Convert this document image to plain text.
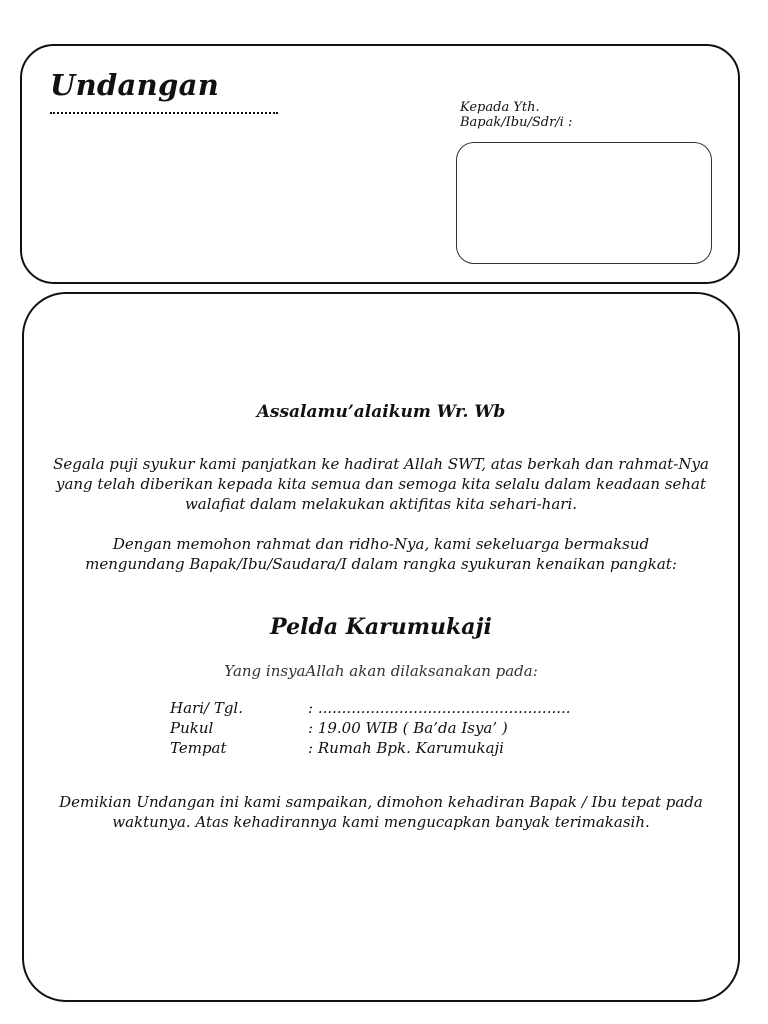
Undangan
Kepada Yth.
Bapak/Ibu/Sdr/i :
Assalamu’alaikum Wr. Wb
Segala puji syukur kami panjatkan ke hadirat Allah SWT, atas berkah dan rahmat-Nya yang telah diberikan kepada kita semua dan semoga kita selalu dalam keadaan sehat walafiat dalam melakukan aktifitas kita sehari-hari.
Dengan memohon rahmat dan ridho-Nya, kami sekeluarga bermaksud mengundang Bapak/Ibu/Saudara/I dalam rangka syukuran kenaikan pangkat:
Pelda Karumukaji
Yang insyaAllah akan dilaksanakan pada:
Hari/ Tgl.	: .....................................................
Pukul	: 19.00 WIB ( Ba’da Isya’ )
Tempat	: Rumah Bpk. Karumukaji
Demikian Undangan ini kami sampaikan, dimohon kehadiran Bapak / Ibu tepat pada waktunya. Atas kehadirannya kami mengucapkan banyak terimakasih.
